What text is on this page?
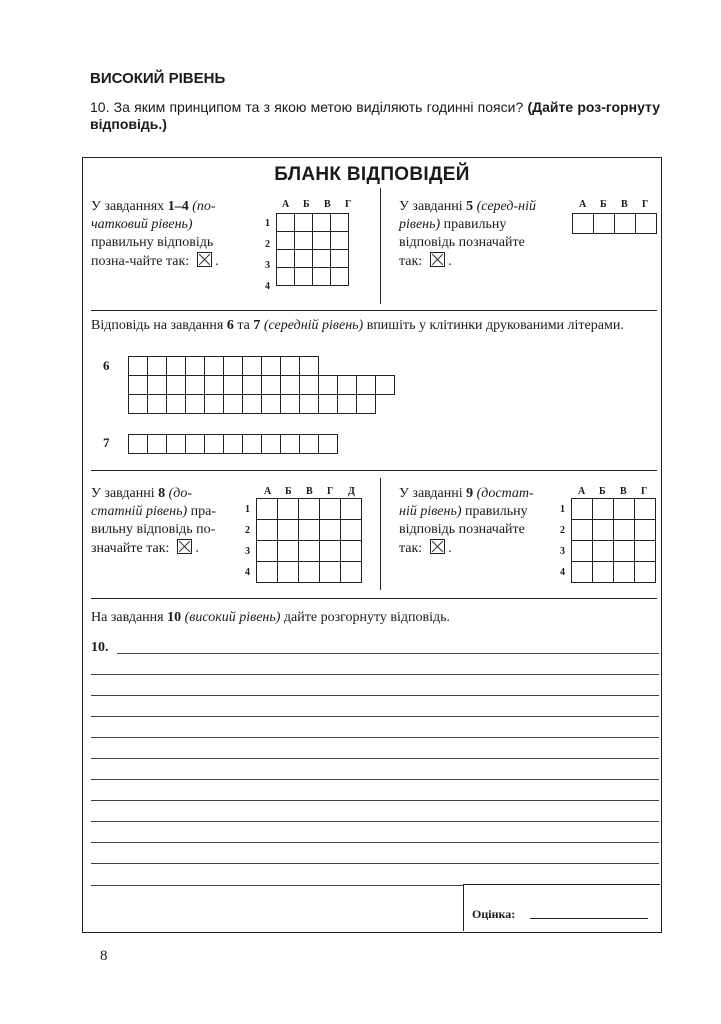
ВИСОКИЙ РІВЕНЬ
10. За яким принципом та з якою метою виділяють годинні пояси? (Дайте роз-горнуту відповідь.)
БЛАНК ВІДПОВІДЕЙ
У завданнях 1–4 (по-чатковий рівень) правильну відповідь позна-чайте так: ☒ .
А Б В Г
1
2
3
4

У завданні 5 (серед-ній рівень) правильну відповідь позначайте так: ☒ .
А Б В Г

Відповідь на завдання 6 та 7 (середній рівень) впишіть у клітинки друкованими літерами.
6
7
У завданні 8 (до-статній рівень) пра-вильну відповідь по-значайте так: ☒ .
А Б В Г Д
1
2
3
4

У завданні 9 (достат-ній рівень) правильну відповідь позначайте так: ☒ .
А Б В Г
1
2
3
4

На завдання 10 (високий рівень) дайте розгорнуту відповідь.
10.
Оцінка:
8
